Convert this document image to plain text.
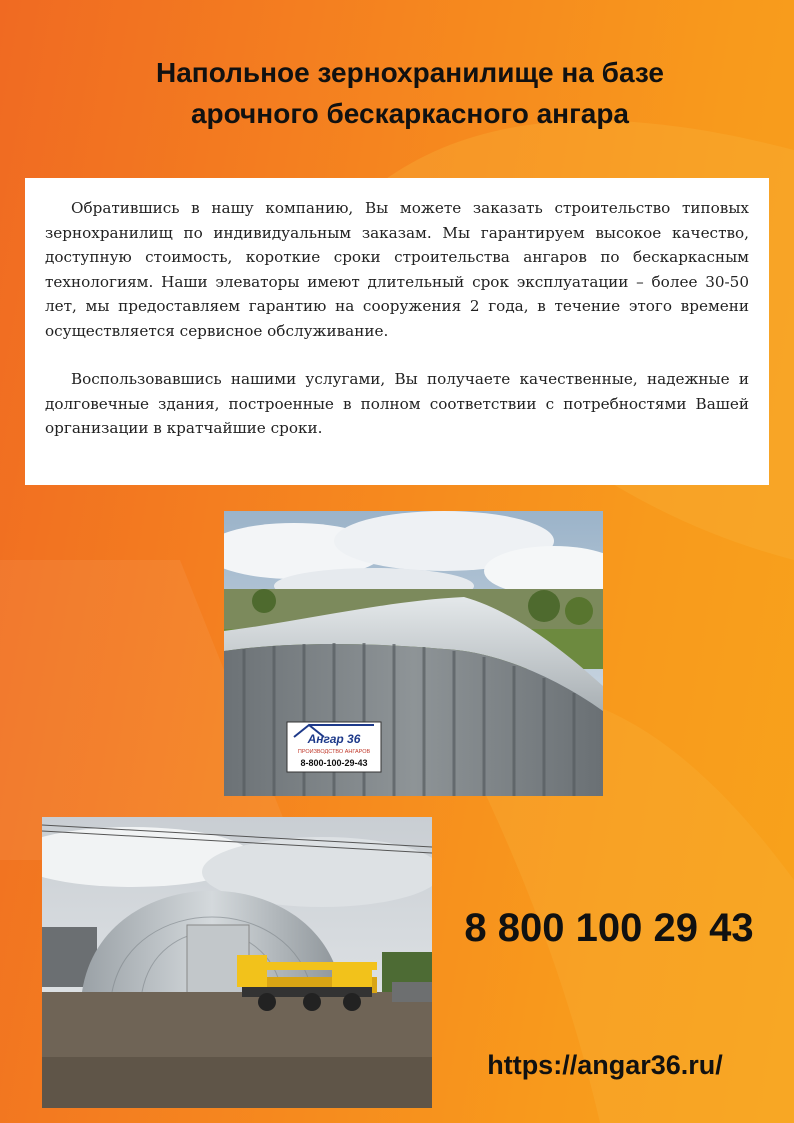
Напольное зернохранилище на базе
арочного бескаркасного ангара

Обратившись в нашу компанию, Вы можете заказать строительство типовых зернохранилищ по индивидуальным заказам. Мы гарантируем высокое качество, доступную стоимость, короткие сроки строительства ангаров по бескаркасным технологиям. Наши элеваторы имеют длительный срок эксплуатации – более 30-50 лет, мы предоставляем гарантию на сооружения 2 года, в течение этого времени осуществляется сервисное обслуживание.

Воспользовавшись нашими услугами, Вы получаете качественные, надежные и долговечные здания, построенные в полном соответствии с потребностями Вашей организации в кратчайшие сроки.

Ангар 36
ПРОИЗВОДСТВО АНГАРОВ
8-800-100-29-43
8 800 100 29 43
https://angar36.ru/
